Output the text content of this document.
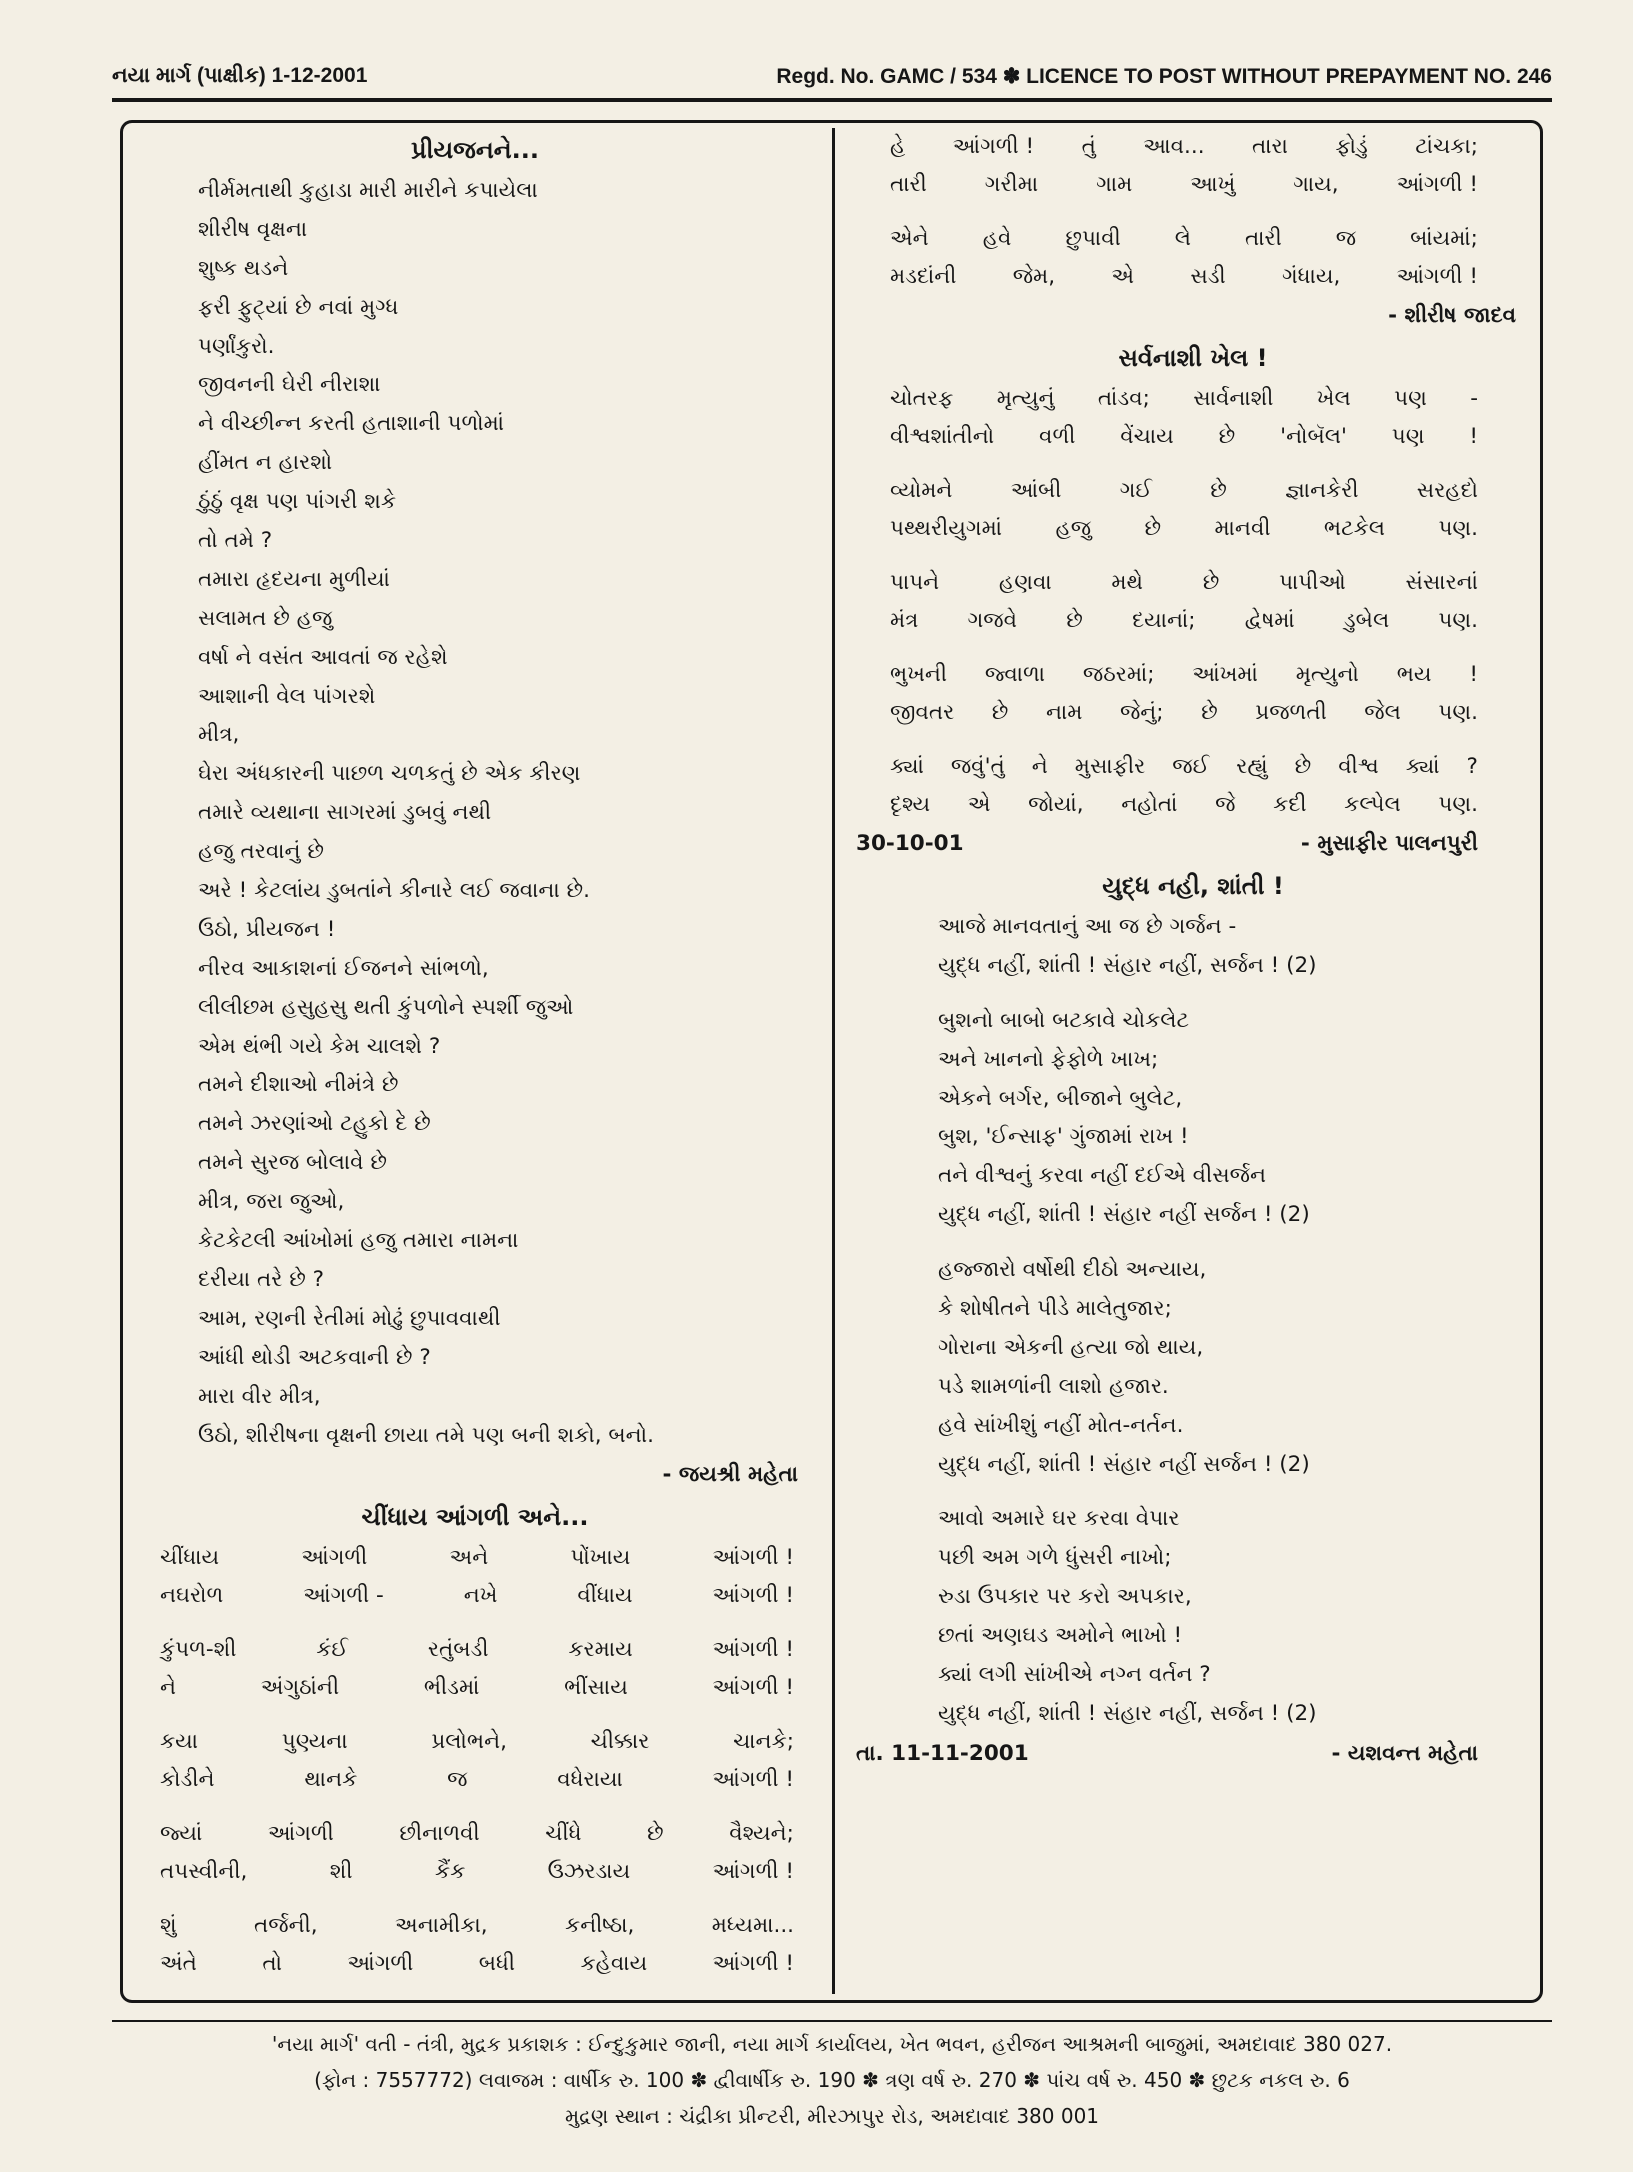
નયા માર્ગ (પાક્ષીક) 1-12-2001	Regd. No. GAMC / 534 ✽ LICENCE TO POST WITHOUT PREPAYMENT NO. 246
પ્રીયજનને...
નીર્મમતાથી કુહાડા મારી મારીને કપાયેલા
શીરીષ વૃક્ષના
શુષ્ક થડને
ફરી ફુટ્યાં છે નવાં મુગ્ધ
પર્ણાંકુરો.
જીવનની ઘેરી નીરાશા
ને વીચ્છીન્ન કરતી હતાશાની પળોમાં
હીંમત ન હારશો
ઠુંઠું વૃક્ષ પણ પાંગરી શકે
તો તમે ?
તમારા હૃદયના મુળીયાં
સલામત છે હજુ
વર્ષા ને વસંત આવતાં જ રહેશે
આશાની વેલ પાંગરશે
મીત્ર,
ઘેરા અંધકારની પાછળ ચળકતું છે એક કીરણ
તમારે વ્યથાના સાગરમાં ડુબવું નથી
હજુ તરવાનું છે
અરે ! કેટલાંય ડુબતાંને કીનારે લઈ જવાના છે.
ઉઠો, પ્રીયજન !
નીરવ આકાશનાં ઈજનને સાંભળો,
લીલીછમ હસુહસુ થતી કુંપળોને સ્પર્શી જુઓ
એમ થંભી ગયે કેમ ચાલશે ?
તમને દીશાઓ નીમંત્રે છે
તમને ઝરણાંઓ ટહુકો દે છે
તમને સુરજ બોલાવે છે
મીત્ર, જરા જુઓ,
કેટકેટલી આંખોમાં હજુ તમારા નામના
દરીયા તરે છે ?
આમ, રણની રેતીમાં મોઢું છુપાવવાથી
આંધી થોડી અટકવાની છે ?
મારા વીર મીત્ર,
ઉઠો, શીરીષના વૃક્ષની છાયા તમે પણ બની શકો, બનો.
- જયશ્રી મહેતા
ચીંધાય આંગળી અને...
ચીંધાય	આંગળી	અને	પોંખાય	આંગળી !
નઘરોળ	આંગળી -	નખે	વીંધાય	આંગળી !
કુંપળ-શી	કંઈ	રતુંબડી	કરમાય	આંગળી !
ને	અંગુઠાંની	ભીડમાં	ભીંસાય	આંગળી !
કયા	પુણ્યના	પ્રલોભને,	ચીક્કાર	ચાનકે;
કોડીને	થાનકે	જ	વધેરાયા	આંગળી !
જ્યાં	આંગળી	છીનાળવી	ચીંધે	છે	વૈશ્યને;
તપસ્વીની,	શી	કૈંક	ઉઝરડાય	આંગળી !
શું	તર્જની,	અનામીકા,	કનીષ્ઠા,	મધ્યમા...
અંતે	તો	આંગળી	બધી	કહેવાય	આંગળી !
હે આંગળી ! તું આવ... તારા ફોડું ટાંચકા;
તારી	ગરીમા	ગામ	આખું	ગાય,	આંગળી !
એને	હવે	છુપાવી	લે	તારી	જ	બાંયમાં;
મડદાંની	જેમ,	એ	સડી	ગંધાય,	આંગળી !
- શીરીષ જાદવ
સર્વનાશી ખેલ !
ચોતરફ મૃત્યુનું તાંડવ; સાર્વનાશી ખેલ પણ -
વીશ્વશાંતીનો વળી વેંચાય છે 'નોબૅલ' પણ !
વ્યોમને	આંબી	ગઈ	છે	જ્ઞાનકેરી	સરહદો
પથ્થરીયુગમાં હજુ છે માનવી ભટકેલ પણ.
પાપને	હણવા	મથે	છે	પાપીઓ	સંસારનાં
મંત્ર ગજવે છે દયાનાં; દ્વેષમાં ડુબેલ પણ.
ભુખની જ્વાળા જઠરમાં; આંખમાં મૃત્યુનો ભય !
જીવતર છે નામ જેનું; છે પ્રજળતી જેલ પણ.
ક્યાં જવું'તું ને મુસાફીર જઈ રહ્યું છે વીશ્વ ક્યાં ?
દૃશ્ય એ જોયાં, નહોતાં જે કદી કલ્પેલ પણ.
30-10-01	- મુસાફીર પાલનપુરી
યુદ્ધ નહી, શાંતી !
આજે માનવતાનું આ જ છે ગર્જન -
યુદ્ધ નહીં, શાંતી ! સંહાર નહીં, સર્જન ! (2)
બુશનો બાબો બટકાવે ચોકલેટ
અને ખાનનો ફેફોળે ખાખ;
એકને બર્ગર, બીજાને બુલેટ,
બુશ, 'ઈન્સાફ' ગુંજામાં રાખ !
તને વીશ્વનું કરવા નહીં દઈએ વીસર્જન
યુદ્ધ નહીં, શાંતી ! સંહાર નહીં સર્જન ! (2)
હજ્જારો વર્ષોથી દીઠો અન્યાય,
કે શોષીતને પીડે માલેતુજાર;
ગોરાના એકની હત્યા જો થાય,
પડે શામળાંની લાશો હજાર.
હવે સાંખીશું નહીં મોત-નર્તન.
યુદ્ધ નહીં, શાંતી ! સંહાર નહીં સર્જન ! (2)
આવો અમારે ઘર કરવા વેપાર
પછી અમ ગળે ધુંસરી નાખો;
રુડા ઉપકાર પર કરો અપકાર,
છતાં અણઘડ અમોને ભાખો !
ક્યાં લગી સાંખીએ નગ્ન વર્તન ?
યુદ્ધ નહીં, શાંતી ! સંહાર નહીં, સર્જન ! (2)
તા. 11-11-2001	- યશવન્ત મહેતા
'નયા માર્ગ' વતી - તંત્રી, મુદ્રક પ્રકાશક : ઈન્દુકુમાર જાની, નયા માર્ગ કાર્યાલય, ખેત ભવન, હરીજન આશ્રમની બાજુમાં, અમદાવાદ 380 027.
(ફોન : 7557772) લવાજમ : વાર્ષીક રુ. 100 ✽ દ્વીવાર્ષીક રુ. 190 ✽ ત્રણ વર્ષ રુ. 270 ✽ પાંચ વર્ષ રુ. 450 ✽ છુટક નકલ રુ. 6
મુદ્રણ સ્થાન : ચંદ્રીકા પ્રીન્ટરી, મીરઝાપુર રોડ, અમદાવાદ 380 001
